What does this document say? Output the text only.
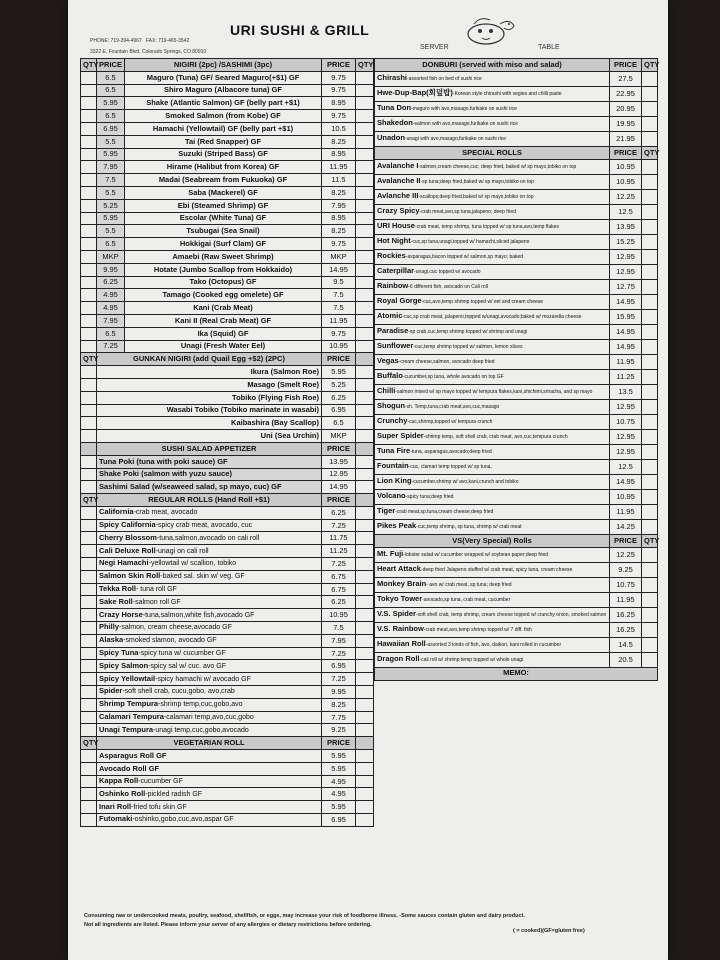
PHONE: 719-394-4967 FAX: 719-465-3542
3322 E. Fountain Blvd, Colorado Springs, CO 80910
URI SUSHI & GRILL
SERVER	TABLE
QTY	PRICE	NIGIRI (2pc) /SASHIMI (3pc)	PRICE	QTY
	6.5	Maguro (Tuna) GF/ Seared Maguro(+$1) GF	9.75	
	6.5	Shiro Maguro (Albacore tuna) GF	9.75	
	5.95	Shake (Atlantic Salmon) GF (belly part +$1)	8.95	
	6.5	Smoked Salmon (from Kobe) GF	9.75	
	6.95	Hamachi (Yellowtail) GF (belly part +$1)	10.5	
	5.5	Tai (Red Snapper) GF	8.25	
	5.95	Suzuki (Striped Bass) GF	8.95	
	7.95	Hirame (Halibut from Korea) GF	11.95	
	7.5	Madai (Seabream from Fukuoka) GF	11.5	
	5.5	Saba (Mackerel) GF	8.25	
	5.25	Ebi (Steamed Shrimp) GF	7.95	
	5.95	Escolar (White Tuna) GF	8.95	
	5.5	Tsubugai (Sea Snail)	8.25	
	6.5	Hokkigai (Surf Clam) GF	9.75	
	MKP	Amaebi (Raw Sweet Shrimp)	MKP	
	9.95	Hotate (Jumbo Scallop from Hokkaido)	14.95	
	6.25	Tako (Octopus) GF	9.5	
	4.95	Tamago (Cooked egg omelete) GF	7.5	
	4.95	Kani (Crab Meat)	7.5	
	7.95	Kani II (Real Crab Meat) GF	11.95	
	6.5	Ika (Squid) GF	9.75	
	7.25	Unagi (Fresh Water Eel)	10.95	
QTY	GUNKAN NIGIRI (add Quail Egg +$2) (2PC)		PRICE	
	Ikura (Salmon Roe)		5.95	
	Masago (Smelt Roe)		5.25	
	Tobiko (Flying Fish Roe)		6.25	
	Wasabi Tobiko (Tobiko marinate in wasabi)		6.95	
	Kaibashira (Bay Scallop)		6.5	
	Uni (Sea Urchin)		MKP	
	SUSHI SALAD APPETIZER		PRICE	
	Tuna Poki (tuna with poki sauce) GF		13.95	
	Shake Poki (salmon with yuzu sauce)		12.95	
	Sashimi Salad (w/seaweed salad, sp mayo, cuc) GF		14.95	
QTY	REGULAR ROLLS (Hand Roll +$1)		PRICE	
	California-crab meat, avocado		6.25	
	Spicy California-spicy crab meat, avocado, cuc		7.25	
	Cherry Blossom-tuna,salmon,avocado on cali roll		11.75	
	Cali Deluxe Roll-unagi on cali roll		11.25	
	Negi Hamachi-yellowtail w/ scallion, tobiko		7.25	
	Salmon Skin Roll-baked sal. skin w/ veg. GF		6.75	
	Tekka Roll- tuna roll GF		6.75	
	Sake Roll-salmon roll GF		6.25	
	Crazy Horse-tuna,salmon,white fish,avocado GF		10.95	
	Philly-salmon, cream cheese,avocado GF		7.5	
	Alaska-smoked slamon, avocado GF		7.95	
	Spicy Tuna-spicy tuna w/ cucumber GF		7.25	
	Spicy Salmon-spicy sal w/ cuc. avo GF		6.95	
	Spicy Yellowtail-spicy hamachi w/ avocado GF		7.25	
	Spider-soft shell crab, cucu,gobo, avo,crab		9.95	
	Shrimp Tempura-shrimp temp,cuc,gobo,avo		8.25	
	Calamari Tempura-calamari temp,avo,cuc,gobo		7.75	
	Unagi Tempura-unagi temp,cuc,gobo,avocado		9.25	
QTY	VEGETARIAN ROLL		PRICE	
	Asparagus Roll GF		5.95	
	Avocado Roll GF		5.95	
	Kappa Roll-cucumber GF		4.95	
	Oshinko Roll-pickled radish GF		4.95	
	Inari Roll-fried tofu skin GF		5.95	
	Futomaki-oshinko,gobo,cuc,avo,aspar GF		6.95	
DONBURI (served with miso and salad)	PRICE	QTY
Chirashi-assorted fish on bed of sushi rice	27.5	
Hwe-Dup-Bap(회덮밥)-Korean style chirashi with vegies and chilli paste	22.95	
Tuna Don-maguro with avo,masago,furikake on sushi rice	20.95	
Shakedon-salmon with avo,masago,furikake on sushi rice	19.95	
Unadon-unagi with avo,masago,furikake on sushi rice	21.95	
SPECIAL ROLLS	PRICE	QTY
Avalanche I-salmon,cream cheese,cuc; deep fried, baked w/ sp mayo,tobiko on top	10.95	
Avalanche II-sp tuna;deep fried,baked w/ sp mayo,tobiko on top	10.95	
Avlanche III-scallops;deep fried,baked w/ sp mayo,tobiko on top	12.25	
Crazy Spicy-crab meat,avo,sp tuna,jalapeno; deep fried	12.5	
URI House-crab meat, temp shrimp, tuna topped w/ sp tuna,avo,temp flakes	13.95	
Hot Night-cuc,sp tuna,unagi,topped w/ hamachi,sliced jalapeno	15.25	
Rockies-asparagus,bacon topped w/ salmon,sp mayo; baked	12.95	
Caterpillar-unagi,cuc topped w/ avocado	12.95	
Rainbow-6 different fish, avocado on Cali roll	12.75	
Royal Gorge-cuc,avo,temp shrimp topped w/ eel and cream cheese	14.95	
Atomic-cuc,sp crab meat, jalapeno,topped w/unagi,avocado;baked w/ mozarella cheese	15.95	
Paradise-sp crab,cuc,temp shrimp topped w/ shrimp and unagi	14.95	
Sunflower-cuc,temp shrimp topped w/ salmon, lemon slices	14.95	
Vegas-cream cheese,salmon, avocado deep fried	11.95	
Buffalo-cucumber,sp tuna, whole avocado on top GF	11.25	
Chilli-salmon mixed w/ sp mayo topped w/ tempura flakes,kani,shichimi,sriracha, and sp mayo	13.5	
Shogun-sh. Temp,tuna,crab meat,avo,cuc,masago	12.95	
Crunchy-cuc,shrimp,topped w/ tempura crunch	10.75	
Super Spider-shrimp temp, soft shell crab, crab meat, avo,cuc,tempura crunch	12.95	
Tuna Fire-tuna, asparagus,avocado;deep fried	12.95	
Fountain-cuc, clamari temp topped w/ sp tuna,	12.5	
Lion King-cucumber,shrimp w/ avo,kani,crunch and tobiko	14.95	
Volcano-spicy tuna;deep fried	10.95	
Tiger-crab meat,sp.tuna,cream cheese;deep fried	11.95	
Pikes Peak-cuc,temp shrimp, sp tuna, shrimp w/ crab meat	14.25	
VS(Very Special) Rolls	PRICE	QTY
Mt. Fuji-lobster salad w/ cucumber wrapped w/ soybean paper;deep fried	12.25	
Heart Attack-deep fried Jalapeno stuffed w/ crab meat, spicy tuna, cream cheese	9.25	
Monkey Brain- avo w/ crab meat, sp tuna; deep fried	10.75	
Tokyo Tower-avocado,sp tuna, crab meat, cucumber	11.95	
V.S. Spider-soft shell crab, temp shrimp, cream cheese topped w/ crunchy onion, smoked salmon	16.25	
V.S. Rainbow-crab meat,avo,temp shrimp topped w/ 7 diff. fish	16.25	
Hawaiian Roll-assorted 3 kinds of fish, avo, daikon, kani rolled in cucumber	14.5	
Dragon Roll-cali roll w/ shrimp temp topped w/ whole unagi	20.5	
MEMO:		
Consuming raw or undercooked meats, poultry, seafood, shellfish, or eggs, may increase your risk of foodborne illness. -Some sauces contain gluten and dairy product.
Not all ingredients are listed. Please inform your server of any allergies or dietary restrictions before ordering.
( = cooked)(GF=gluten free)
